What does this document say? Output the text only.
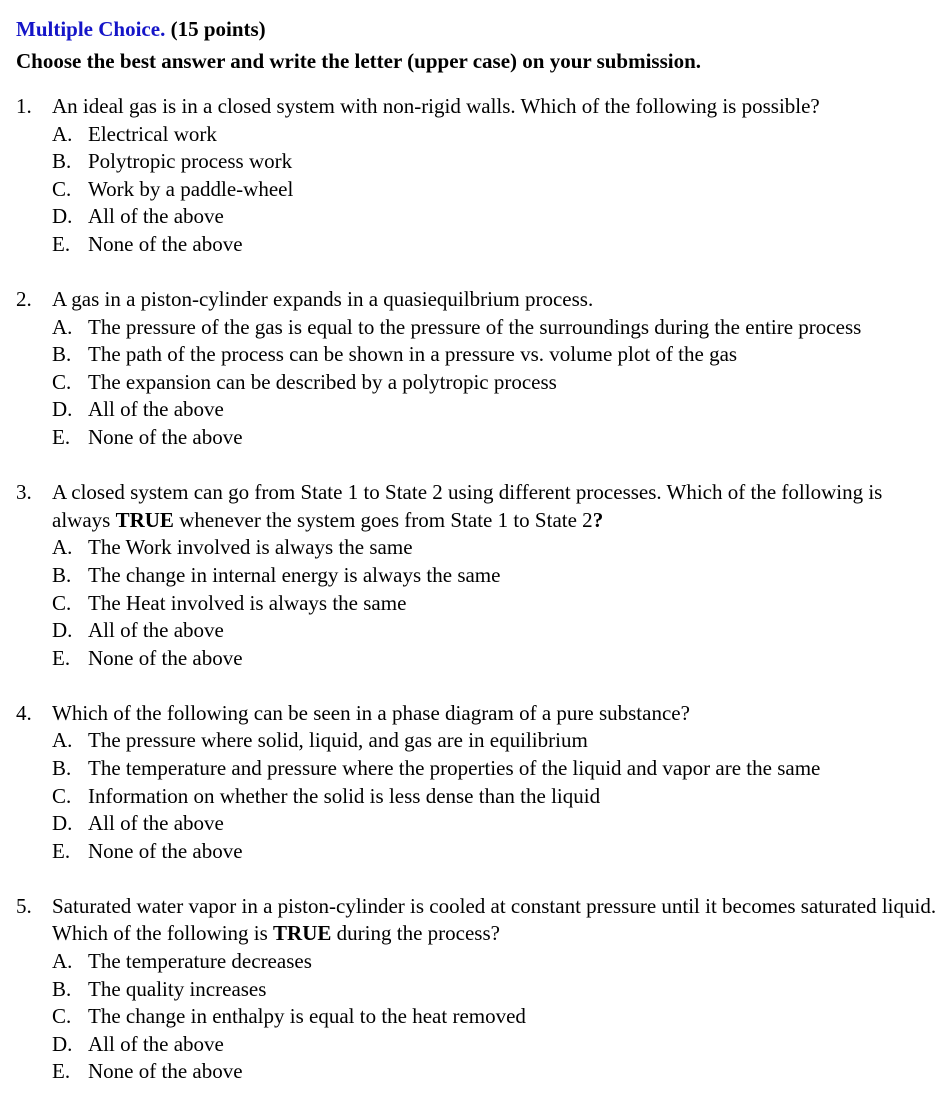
Multiple Choice. (15 points)
Choose the best answer and write the letter (upper case) on your submission.
1. An ideal gas is in a closed system with non-rigid walls. Which of the following is possible?
A. Electrical work
B. Polytropic process work
C. Work by a paddle-wheel
D. All of the above
E. None of the above
2. A gas in a piston-cylinder expands in a quasiequilbrium process.
A. The pressure of the gas is equal to the pressure of the surroundings during the entire process
B. The path of the process can be shown in a pressure vs. volume plot of the gas
C. The expansion can be described by a polytropic process
D. All of the above
E. None of the above
3. A closed system can go from State 1 to State 2 using different processes. Which of the following is always TRUE whenever the system goes from State 1 to State 2?
A. The Work involved is always the same
B. The change in internal energy is always the same
C. The Heat involved is always the same
D. All of the above
E. None of the above
4. Which of the following can be seen in a phase diagram of a pure substance?
A. The pressure where solid, liquid, and gas are in equilibrium
B. The temperature and pressure where the properties of the liquid and vapor are the same
C. Information on whether the solid is less dense than the liquid
D. All of the above
E. None of the above
5. Saturated water vapor in a piston-cylinder is cooled at constant pressure until it becomes saturated liquid. Which of the following is TRUE during the process?
A. The temperature decreases
B. The quality increases
C. The change in enthalpy is equal to the heat removed
D. All of the above
E. None of the above
